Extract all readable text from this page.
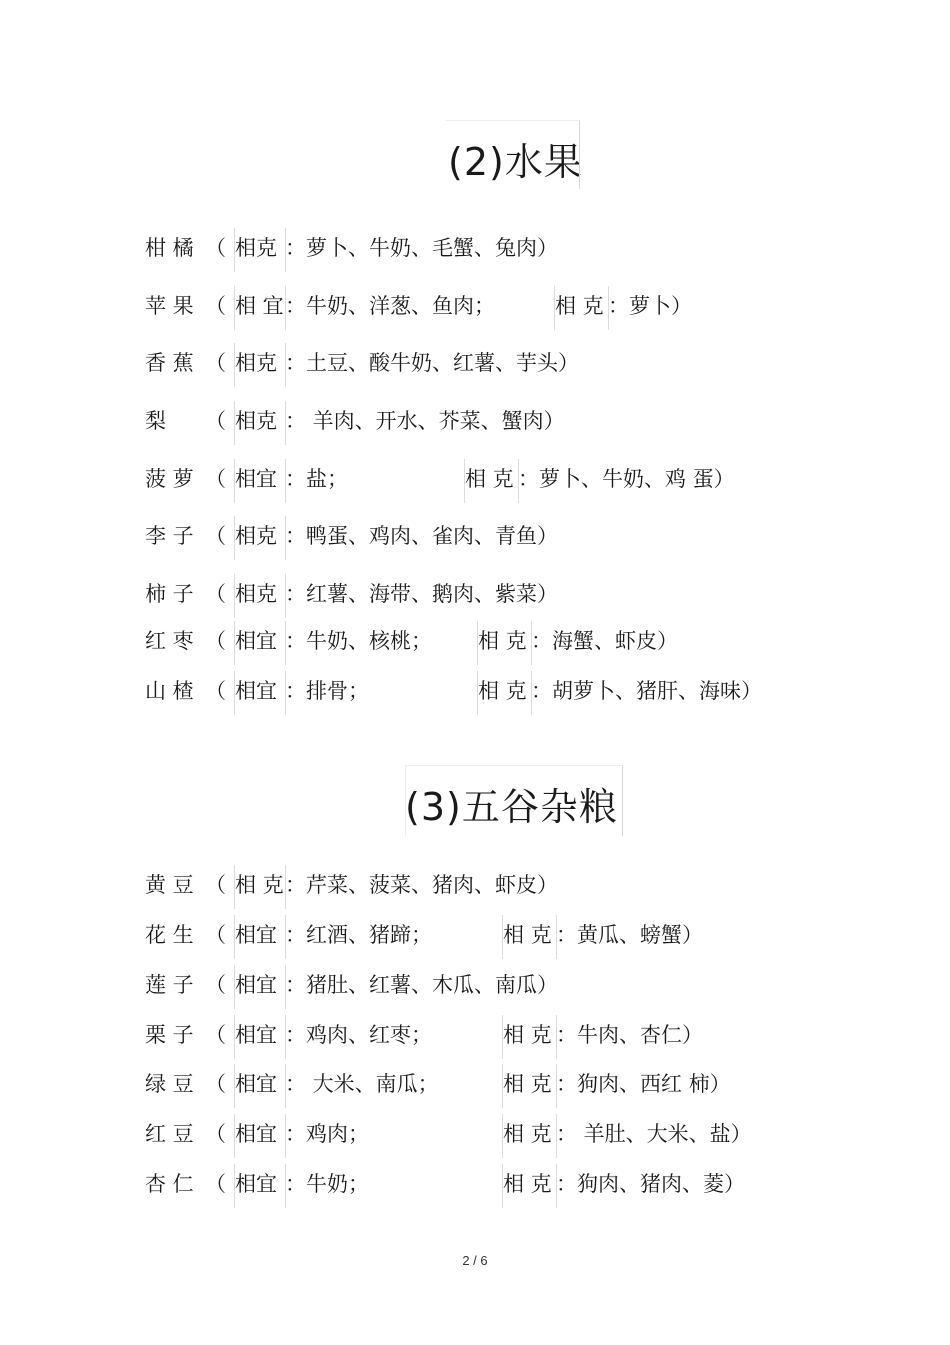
(2)水果
柑 橘 （ 相克 ：萝卜、牛奶、毛蟹、兔肉）
苹 果 （ 相 宜 ：牛奶、洋葱、鱼肉；	相 克 ：萝卜）
香 蕉 （ 相克 ：土豆、酸牛奶、红薯、芋头）
梨 （ 相克 ： 羊肉、开水、芥菜、蟹肉）
菠 萝 （ 相宜 ：盐；	相 克 ：萝卜、牛奶、鸡 蛋）
李 子 （ 相克 ：鸭蛋、鸡肉、雀肉、青鱼）
柿 子 （ 相克 ：红薯、海带、鹅肉、紫菜）
红 枣 （ 相宜 ：牛奶、核桃； 相 克 ：海蟹、虾皮）
山 楂 （ 相宜 ：排骨；	相 克 ：胡萝卜、猪肝、海味）
(3)五谷杂粮
黄 豆 （ 相 克 ：芹菜、菠菜、猪肉、虾皮）
花 生 （ 相宜 ：红酒、猪蹄；	相 克 ：黄瓜、螃蟹）
莲 子 （ 相宜 ：猪肚、红薯、木瓜、南瓜）
栗 子 （ 相宜 ：鸡肉、红枣；	相 克 ：牛肉、杏仁）
绿 豆 （ 相宜 ： 大米、南瓜；	相 克 ：狗肉、西红 柿）
红 豆 （ 相宜 ：鸡肉；	相 克 ： 羊肚、大米、盐）
杏 仁 （ 相宜 ：牛奶；	相 克 ：狗肉、猪肉、菱）
2 / 6
